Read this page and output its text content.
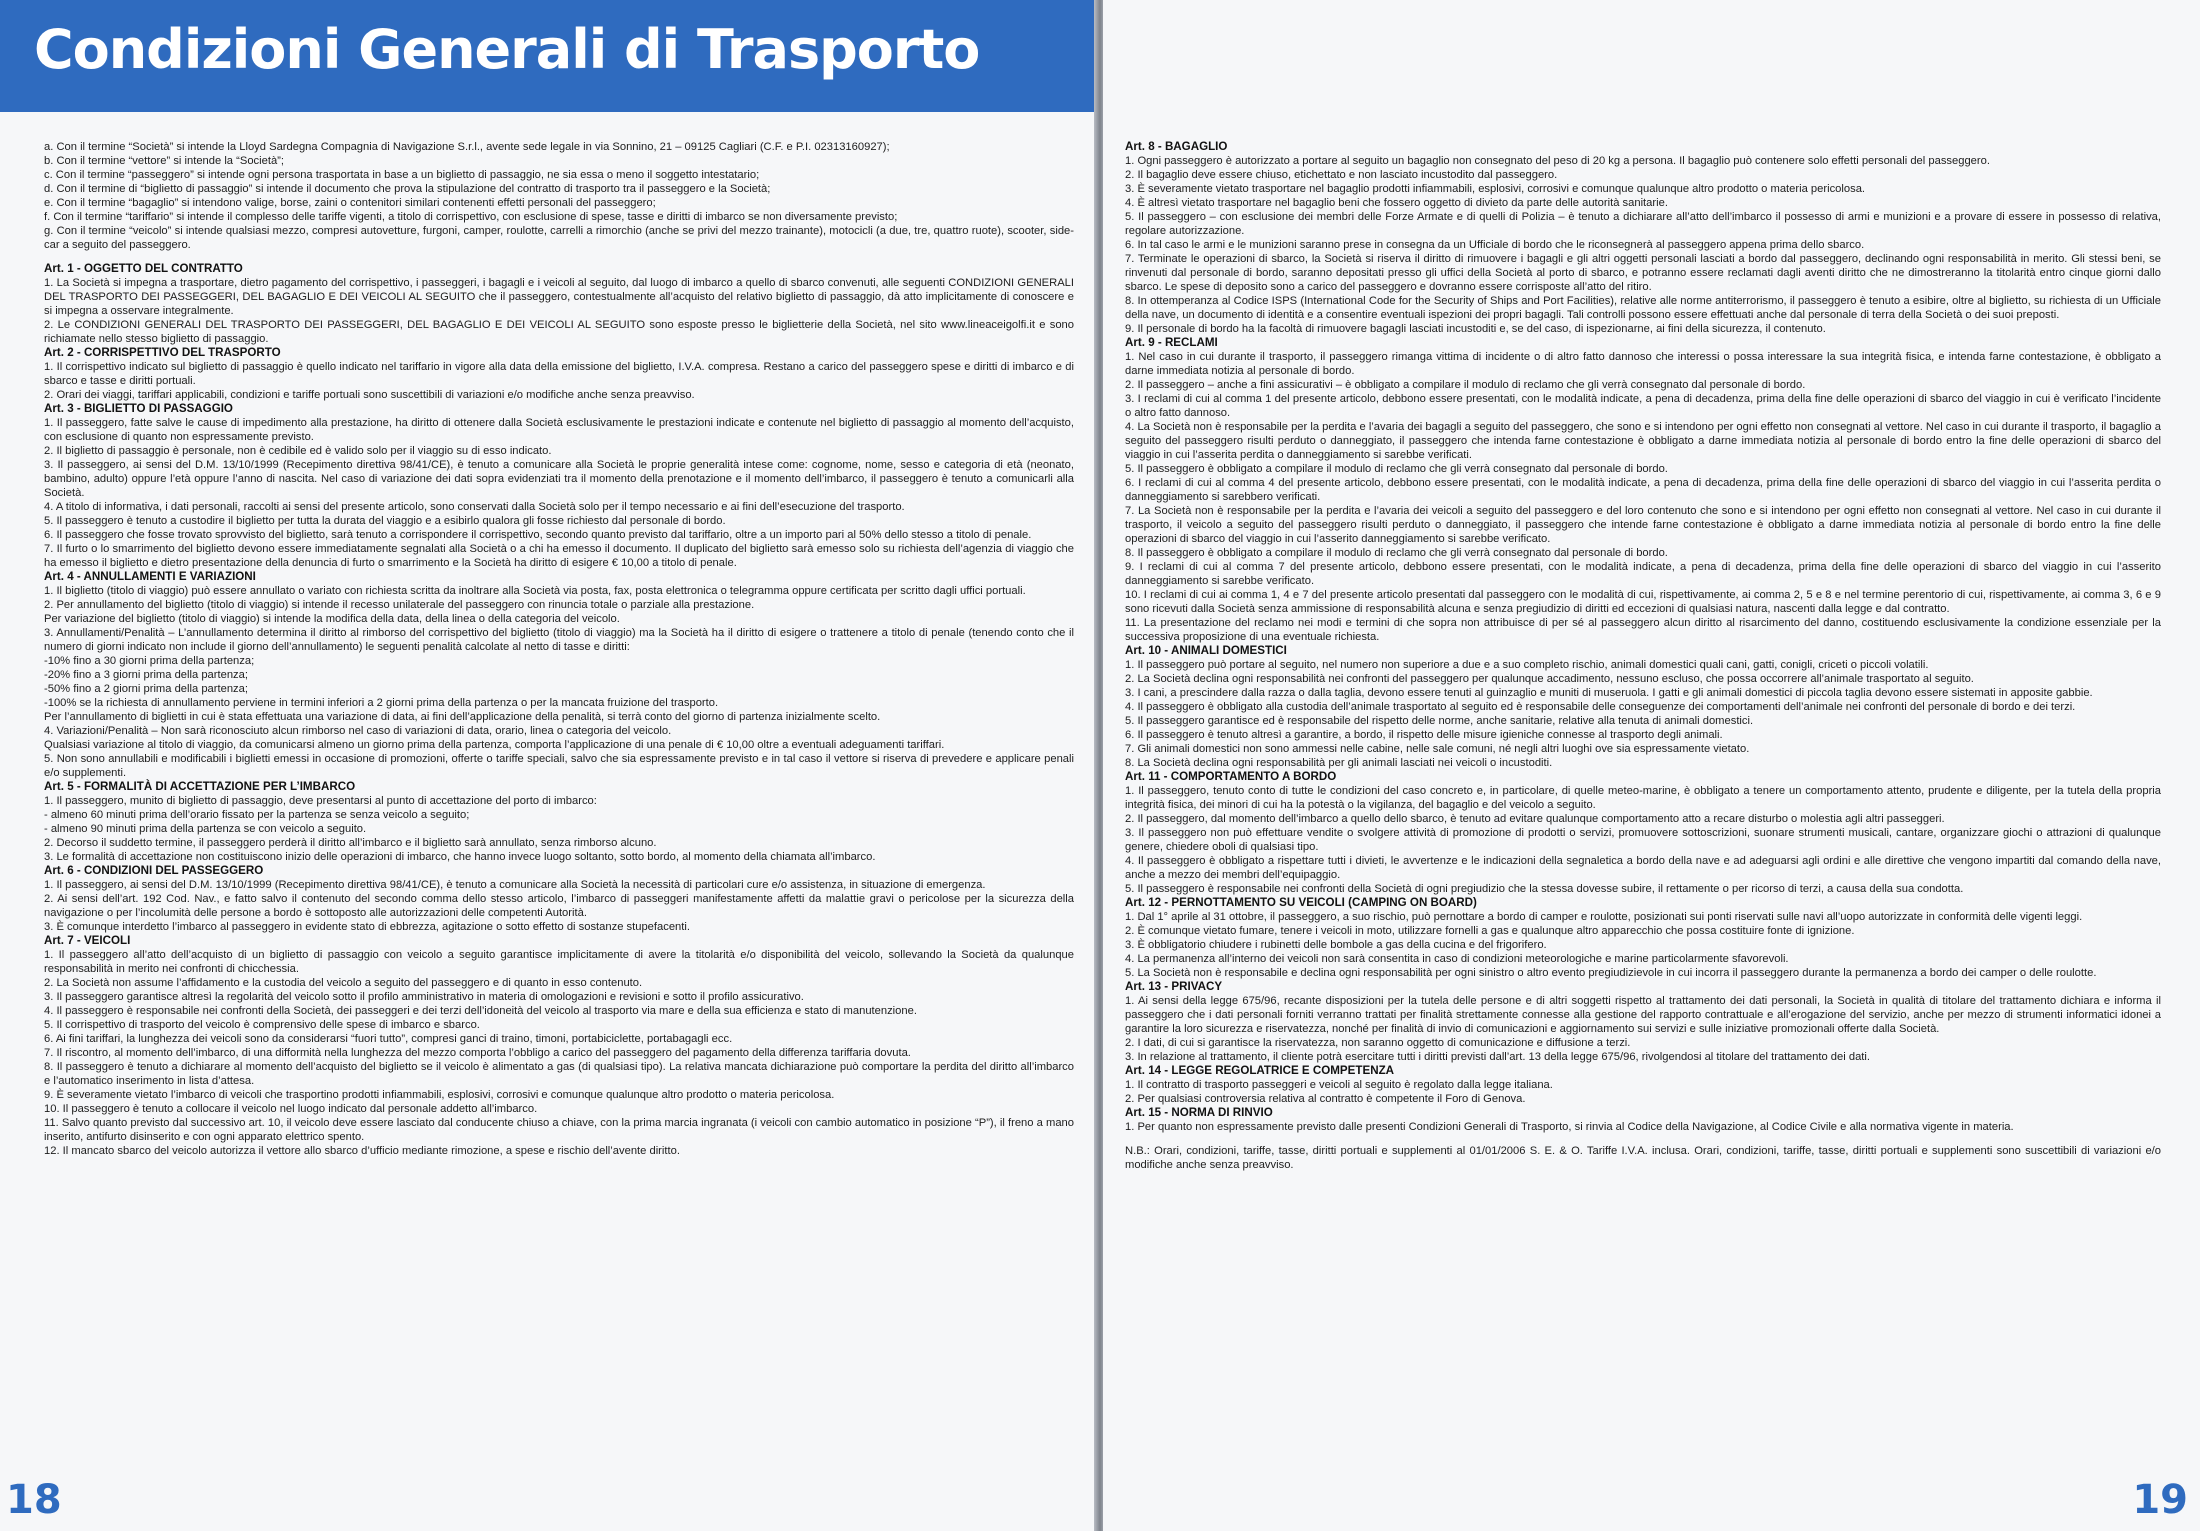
Condizioni Generali di Trasporto

a. Con il termine “Società” si intende la Lloyd Sardegna Compagnia di Navigazione S.r.l., avente sede legale in via Sonnino, 21 – 09125 Cagliari (C.F. e P.I. 02313160927);

b. Con il termine “vettore” si intende la “Società”;

c. Con il termine “passeggero” si intende ogni persona trasportata in base a un biglietto di passaggio, ne sia essa o meno il soggetto intestatario;

d. Con il termine di “biglietto di passaggio” si intende il documento che prova la stipulazione del contratto di trasporto tra il passeggero e la Società;

e. Con il termine “bagaglio” si intendono valige, borse, zaini o contenitori similari contenenti effetti personali del passeggero;

f. Con il termine “tariffario” si intende il complesso delle tariffe vigenti, a titolo di corrispettivo, con esclusione di spese, tasse e diritti di imbarco se non diversamente previsto;

g. Con il termine “veicolo” si intende qualsiasi mezzo, compresi autovetture, furgoni, camper, roulotte, carrelli a rimorchio (anche se privi del mezzo trainante), motocicli (a due, tre, quattro ruote), scooter, side-car a seguito del passeggero.

Art. 1 - OGGETTO DEL CONTRATTO

1. La Società si impegna a trasportare, dietro pagamento del corrispettivo, i passeggeri, i bagagli e i veicoli al seguito, dal luogo di imbarco a quello di sbarco convenuti, alle seguenti CONDIZIONI GENERALI DEL TRASPORTO DEI PASSEGGERI, DEL BAGAGLIO E DEI VEICOLI AL SEGUITO che il passeggero, contestualmente all’acquisto del relativo biglietto di passaggio, dà atto implicitamente di conoscere e si impegna a osservare integralmente.

2. Le CONDIZIONI GENERALI DEL TRASPORTO DEI PASSEGGERI, DEL BAGAGLIO E DEI VEICOLI AL SEGUITO sono esposte presso le biglietterie della Società, nel sito www.lineaceigolfi.it e sono richiamate nello stesso biglietto di passaggio.

Art. 2 - CORRISPETTIVO DEL TRASPORTO

1. Il corrispettivo indicato sul biglietto di passaggio è quello indicato nel tariffario in vigore alla data della emissione del biglietto, I.V.A. compresa. Restano a carico del passeggero spese e diritti di imbarco e di sbarco e tasse e diritti portuali.

2. Orari dei viaggi, tariffari applicabili, condizioni e tariffe portuali sono suscettibili di variazioni e/o modifiche anche senza preavviso.

Art. 3 - BIGLIETTO DI PASSAGGIO

1. Il passeggero, fatte salve le cause di impedimento alla prestazione, ha diritto di ottenere dalla Società esclusivamente le prestazioni indicate e contenute nel biglietto di passaggio al momento dell’acquisto, con esclusione di quanto non espressamente previsto.

2. Il biglietto di passaggio è personale, non è cedibile ed è valido solo per il viaggio su di esso indicato.

3. Il passeggero, ai sensi del D.M. 13/10/1999 (Recepimento direttiva 98/41/CE), è tenuto a comunicare alla Società le proprie generalità intese come: cognome, nome, sesso e categoria di età (neonato, bambino, adulto) oppure l’età oppure l’anno di nascita. Nel caso di variazione dei dati sopra evidenziati tra il momento della prenotazione e il momento dell’imbarco, il passeggero è tenuto a comunicarli alla Società.

4. A titolo di informativa, i dati personali, raccolti ai sensi del presente articolo, sono conservati dalla Società solo per il tempo necessario e ai fini dell’esecuzione del trasporto.

5. Il passeggero è tenuto a custodire il biglietto per tutta la durata del viaggio e a esibirlo qualora gli fosse richiesto dal personale di bordo.

6. Il passeggero che fosse trovato sprovvisto del biglietto, sarà tenuto a corrispondere il corrispettivo, secondo quanto previsto dal tariffario, oltre a un importo pari al 50% dello stesso a titolo di penale.

7. Il furto o lo smarrimento del biglietto devono essere immediatamente segnalati alla Società o a chi ha emesso il documento. Il duplicato del biglietto sarà emesso solo su richiesta dell’agenzia di viaggio che ha emesso il biglietto e dietro presentazione della denuncia di furto o smarrimento e la Società ha diritto di esigere € 10,00 a titolo di penale.

Art. 4 - ANNULLAMENTI E VARIAZIONI

1. Il biglietto (titolo di viaggio) può essere annullato o variato con richiesta scritta da inoltrare alla Società via posta, fax, posta elettronica o telegramma oppure certificata per scritto dagli uffici portuali.

2. Per annullamento del biglietto (titolo di viaggio) si intende il recesso unilaterale del passeggero con rinuncia totale o parziale alla prestazione.

Per variazione del biglietto (titolo di viaggio) si intende la modifica della data, della linea o della categoria del veicolo.

3. Annullamenti/Penalità – L’annullamento determina il diritto al rimborso del corrispettivo del biglietto (titolo di viaggio) ma la Società ha il diritto di esigere o trattenere a titolo di penale (tenendo conto che il numero di giorni indicato non include il giorno dell’annullamento) le seguenti penalità calcolate al netto di tasse e diritti:

-10% fino a 30 giorni prima della partenza;

-20% fino a 3 giorni prima della partenza;

-50% fino a 2 giorni prima della partenza;

-100% se la richiesta di annullamento perviene in termini inferiori a 2 giorni prima della partenza o per la mancata fruizione del trasporto.

Per l’annullamento di biglietti in cui è stata effettuata una variazione di data, ai fini dell’applicazione della penalità, si terrà conto del giorno di partenza inizialmente scelto.

4. Variazioni/Penalità – Non sarà riconosciuto alcun rimborso nel caso di variazioni di data, orario, linea o categoria del veicolo.

Qualsiasi variazione al titolo di viaggio, da comunicarsi almeno un giorno prima della partenza, comporta l’applicazione di una penale di € 10,00 oltre a eventuali adeguamenti tariffari.

5. Non sono annullabili e modificabili i biglietti emessi in occasione di promozioni, offerte o tariffe speciali, salvo che sia espressamente previsto e in tal caso il vettore si riserva di prevedere e applicare penali e/o supplementi.

Art. 5 - FORMALITÀ DI ACCETTAZIONE PER L’IMBARCO

1. Il passeggero, munito di biglietto di passaggio, deve presentarsi al punto di accettazione del porto di imbarco:

- almeno 60 minuti prima dell’orario fissato per la partenza se senza veicolo a seguito;

- almeno 90 minuti prima della partenza se con veicolo a seguito.

2. Decorso il suddetto termine, il passeggero perderà il diritto all’imbarco e il biglietto sarà annullato, senza rimborso alcuno.

3. Le formalità di accettazione non costituiscono inizio delle operazioni di imbarco, che hanno invece luogo soltanto, sotto bordo, al momento della chiamata all’imbarco.

Art. 6 - CONDIZIONI DEL PASSEGGERO

1. Il passeggero, ai sensi del D.M. 13/10/1999 (Recepimento direttiva 98/41/CE), è tenuto a comunicare alla Società la necessità di particolari cure e/o assistenza, in situazione di emergenza.

2. Ai sensi dell’art. 192 Cod. Nav., e fatto salvo il contenuto del secondo comma dello stesso articolo, l’imbarco di passeggeri manifestamente affetti da malattie gravi o pericolose per la sicurezza della navigazione o per l’incolumità delle persone a bordo è sottoposto alle autorizzazioni delle competenti Autorità.

3. È comunque interdetto l’imbarco al passeggero in evidente stato di ebbrezza, agitazione o sotto effetto di sostanze stupefacenti.

Art. 7 - VEICOLI

1. Il passeggero all’atto dell’acquisto di un biglietto di passaggio con veicolo a seguito garantisce implicitamente di avere la titolarità e/o disponibilità del veicolo, sollevando la Società da qualunque responsabilità in merito nei confronti di chicchessia.

2. La Società non assume l’affidamento e la custodia del veicolo a seguito del passeggero e di quanto in esso contenuto.

3. Il passeggero garantisce altresì la regolarità del veicolo sotto il profilo amministrativo in materia di omologazioni e revisioni e sotto il profilo assicurativo.

4. Il passeggero è responsabile nei confronti della Società, dei passeggeri e dei terzi dell’idoneità del veicolo al trasporto via mare e della sua efficienza e stato di manutenzione.

5. Il corrispettivo di trasporto del veicolo è comprensivo delle spese di imbarco e sbarco.

6. Ai fini tariffari, la lunghezza dei veicoli sono da considerarsi “fuori tutto”, compresi ganci di traino, timoni, portabiciclette, portabagagli ecc.

7. Il riscontro, al momento dell’imbarco, di una difformità nella lunghezza del mezzo comporta l’obbligo a carico del passeggero del pagamento della differenza tariffaria dovuta.

8. Il passeggero è tenuto a dichiarare al momento dell’acquisto del biglietto se il veicolo è alimentato a gas (di qualsiasi tipo). La relativa mancata dichiarazione può comportare la perdita del diritto all’imbarco e l’automatico inserimento in lista d’attesa.

9. È severamente vietato l’imbarco di veicoli che trasportino prodotti infiammabili, esplosivi, corrosivi e comunque qualunque altro prodotto o materia pericolosa.

10. Il passeggero è tenuto a collocare il veicolo nel luogo indicato dal personale addetto all’imbarco.

11. Salvo quanto previsto dal successivo art. 10, il veicolo deve essere lasciato dal conducente chiuso a chiave, con la prima marcia ingranata (i veicoli con cambio automatico in posizione “P”), il freno a mano inserito, antifurto disinserito e con ogni apparato elettrico spento.

12. Il mancato sbarco del veicolo autorizza il vettore allo sbarco d’ufficio mediante rimozione, a spese e rischio dell’avente diritto.

18
Art. 8 - BAGAGLIO

1. Ogni passeggero è autorizzato a portare al seguito un bagaglio non consegnato del peso di 20 kg a persona. Il bagaglio può contenere solo effetti personali del passeggero.

2. Il bagaglio deve essere chiuso, etichettato e non lasciato incustodito dal passeggero.

3. È severamente vietato trasportare nel bagaglio prodotti infiammabili, esplosivi, corrosivi e comunque qualunque altro prodotto o materia pericolosa.

4. È altresì vietato trasportare nel bagaglio beni che fossero oggetto di divieto da parte delle autorità sanitarie.

5. Il passeggero – con esclusione dei membri delle Forze Armate e di quelli di Polizia – è tenuto a dichiarare all’atto dell’imbarco il possesso di armi e munizioni e a provare di essere in possesso di relativa, regolare autorizzazione.

6. In tal caso le armi e le munizioni saranno prese in consegna da un Ufficiale di bordo che le riconsegnerà al passeggero appena prima dello sbarco.

7. Terminate le operazioni di sbarco, la Società si riserva il diritto di rimuovere i bagagli e gli altri oggetti personali lasciati a bordo dal passeggero, declinando ogni responsabilità in merito. Gli stessi beni, se rinvenuti dal personale di bordo, saranno depositati presso gli uffici della Società al porto di sbarco, e potranno essere reclamati dagli aventi diritto che ne dimostreranno la titolarità entro cinque giorni dallo sbarco. Le spese di deposito sono a carico del passeggero e dovranno essere corrisposte all’atto del ritiro.

8. In ottemperanza al Codice ISPS (International Code for the Security of Ships and Port Facilities), relative alle norme antiterrorismo, il passeggero è tenuto a esibire, oltre al biglietto, su richiesta di un Ufficiale della nave, un documento di identità e a consentire eventuali ispezioni dei propri bagagli. Tali controlli possono essere effettuati anche dal personale di terra della Società o dei suoi preposti.

9. Il personale di bordo ha la facoltà di rimuovere bagagli lasciati incustoditi e, se del caso, di ispezionarne, ai fini della sicurezza, il contenuto.

Art. 9 - RECLAMI

1. Nel caso in cui durante il trasporto, il passeggero rimanga vittima di incidente o di altro fatto dannoso che interessi o possa interessare la sua integrità fisica, e intenda farne contestazione, è obbligato a darne immediata notizia al personale di bordo.

2. Il passeggero – anche a fini assicurativi – è obbligato a compilare il modulo di reclamo che gli verrà consegnato dal personale di bordo.

3. I reclami di cui al comma 1 del presente articolo, debbono essere presentati, con le modalità indicate, a pena di decadenza, prima della fine delle operazioni di sbarco del viaggio in cui è verificato l’incidente o altro fatto dannoso.

4. La Società non è responsabile per la perdita e l’avaria dei bagagli a seguito del passeggero, che sono e si intendono per ogni effetto non consegnati al vettore. Nel caso in cui durante il trasporto, il bagaglio a seguito del passeggero risulti perduto o danneggiato, il passeggero che intenda farne contestazione è obbligato a darne immediata notizia al personale di bordo entro la fine delle operazioni di sbarco del viaggio in cui l’asserita perdita o danneggiamento si sarebbe verificati.

5. Il passeggero è obbligato a compilare il modulo di reclamo che gli verrà consegnato dal personale di bordo.

6. I reclami di cui al comma 4 del presente articolo, debbono essere presentati, con le modalità indicate, a pena di decadenza, prima della fine delle operazioni di sbarco del viaggio in cui l’asserita perdita o danneggiamento si sarebbero verificati.

7. La Società non è responsabile per la perdita e l’avaria dei veicoli a seguito del passeggero e del loro contenuto che sono e si intendono per ogni effetto non consegnati al vettore. Nel caso in cui durante il trasporto, il veicolo a seguito del passeggero risulti perduto o danneggiato, il passeggero che intende farne contestazione è obbligato a darne immediata notizia al personale di bordo entro la fine delle operazioni di sbarco del viaggio in cui l’asserito danneggiamento si sarebbe verificato.

8. Il passeggero è obbligato a compilare il modulo di reclamo che gli verrà consegnato dal personale di bordo.

9. I reclami di cui al comma 7 del presente articolo, debbono essere presentati, con le modalità indicate, a pena di decadenza, prima della fine delle operazioni di sbarco del viaggio in cui l’asserito danneggiamento si sarebbe verificato.

10. I reclami di cui ai comma 1, 4 e 7 del presente articolo presentati dal passeggero con le modalità di cui, rispettivamente, ai comma 2, 5 e 8 e nel termine perentorio di cui, rispettivamente, ai comma 3, 6 e 9 sono ricevuti dalla Società senza ammissione di responsabilità alcuna e senza pregiudizio di diritti ed eccezioni di qualsiasi natura, nascenti dalla legge e dal contratto.

11. La presentazione del reclamo nei modi e termini di che sopra non attribuisce di per sé al passeggero alcun diritto al risarcimento del danno, costituendo esclusivamente la condizione essenziale per la successiva proposizione di una eventuale richiesta.

Art. 10 - ANIMALI DOMESTICI

1. Il passeggero può portare al seguito, nel numero non superiore a due e a suo completo rischio, animali domestici quali cani, gatti, conigli, criceti o piccoli volatili.

2. La Società declina ogni responsabilità nei confronti del passeggero per qualunque accadimento, nessuno escluso, che possa occorrere all’animale trasportato al seguito.

3. I cani, a prescindere dalla razza o dalla taglia, devono essere tenuti al guinzaglio e muniti di museruola. I gatti e gli animali domestici di piccola taglia devono essere sistemati in apposite gabbie.

4. Il passeggero è obbligato alla custodia dell’animale trasportato al seguito ed è responsabile delle conseguenze dei comportamenti dell’animale nei confronti del personale di bordo e dei terzi.

5. Il passeggero garantisce ed è responsabile del rispetto delle norme, anche sanitarie, relative alla tenuta di animali domestici.

6. Il passeggero è tenuto altresì a garantire, a bordo, il rispetto delle misure igieniche connesse al trasporto degli animali.

7. Gli animali domestici non sono ammessi nelle cabine, nelle sale comuni, né negli altri luoghi ove sia espressamente vietato.

8. La Società declina ogni responsabilità per gli animali lasciati nei veicoli o incustoditi.

Art. 11 - COMPORTAMENTO A BORDO

1. Il passeggero, tenuto conto di tutte le condizioni del caso concreto e, in particolare, di quelle meteo-marine, è obbligato a tenere un comportamento attento, prudente e diligente, per la tutela della propria integrità fisica, dei minori di cui ha la potestà o la vigilanza, del bagaglio e del veicolo a seguito.

2. Il passeggero, dal momento dell’imbarco a quello dello sbarco, è tenuto ad evitare qualunque comportamento atto a recare disturbo o molestia agli altri passeggeri.

3. Il passeggero non può effettuare vendite o svolgere attività di promozione di prodotti o servizi, promuovere sottoscrizioni, suonare strumenti musicali, cantare, organizzare giochi o attrazioni di qualunque genere, chiedere oboli di qualsiasi tipo.

4. Il passeggero è obbligato a rispettare tutti i divieti, le avvertenze e le indicazioni della segnaletica a bordo della nave e ad adeguarsi agli ordini e alle direttive che vengono impartiti dal comando della nave, anche a mezzo dei membri dell’equipaggio.

5. Il passeggero è responsabile nei confronti della Società di ogni pregiudizio che la stessa dovesse subire, il rettamente o per ricorso di terzi, a causa della sua condotta.

Art. 12 - PERNOTTAMENTO SU VEICOLI (CAMPING ON BOARD)

1. Dal 1° aprile al 31 ottobre, il passeggero, a suo rischio, può pernottare a bordo di camper e roulotte, posizionati sui ponti riservati sulle navi all’uopo autorizzate in conformità delle vigenti leggi.

2. È comunque vietato fumare, tenere i veicoli in moto, utilizzare fornelli a gas e qualunque altro apparecchio che possa costituire fonte di ignizione.

3. È obbligatorio chiudere i rubinetti delle bombole a gas della cucina e del frigorifero.

4. La permanenza all’interno dei veicoli non sarà consentita in caso di condizioni meteorologiche e marine particolarmente sfavorevoli.

5. La Società non è responsabile e declina ogni responsabilità per ogni sinistro o altro evento pregiudizievole in cui incorra il passeggero durante la permanenza a bordo dei camper o delle roulotte.

Art. 13 - PRIVACY

1. Ai sensi della legge 675/96, recante disposizioni per la tutela delle persone e di altri soggetti rispetto al trattamento dei dati personali, la Società in qualità di titolare del trattamento dichiara e informa il passeggero che i dati personali forniti verranno trattati per finalità strettamente connesse alla gestione del rapporto contrattuale e all’erogazione del servizio, anche per mezzo di strumenti informatici idonei a garantire la loro sicurezza e riservatezza, nonché per finalità di invio di comunicazioni e aggiornamento sui servizi e sulle iniziative promozionali offerte dalla Società.

2. I dati, di cui si garantisce la riservatezza, non saranno oggetto di comunicazione e diffusione a terzi.

3. In relazione al trattamento, il cliente potrà esercitare tutti i diritti previsti dall’art. 13 della legge 675/96, rivolgendosi al titolare del trattamento dei dati.

Art. 14 - LEGGE REGOLATRICE E COMPETENZA

1. Il contratto di trasporto passeggeri e veicoli al seguito è regolato dalla legge italiana.

2. Per qualsiasi controversia relativa al contratto è competente il Foro di Genova.

Art. 15 - NORMA DI RINVIO

1. Per quanto non espressamente previsto dalle presenti Condizioni Generali di Trasporto, si rinvia al Codice della Navigazione, al Codice Civile e alla normativa vigente in materia.

N.B.: Orari, condizioni, tariffe, tasse, diritti portuali e supplementi al 01/01/2006 S. E. & O. Tariffe I.V.A. inclusa. Orari, condizioni, tariffe, tasse, diritti portuali e supplementi sono suscettibili di variazioni e/o modifiche anche senza preavviso.

19
